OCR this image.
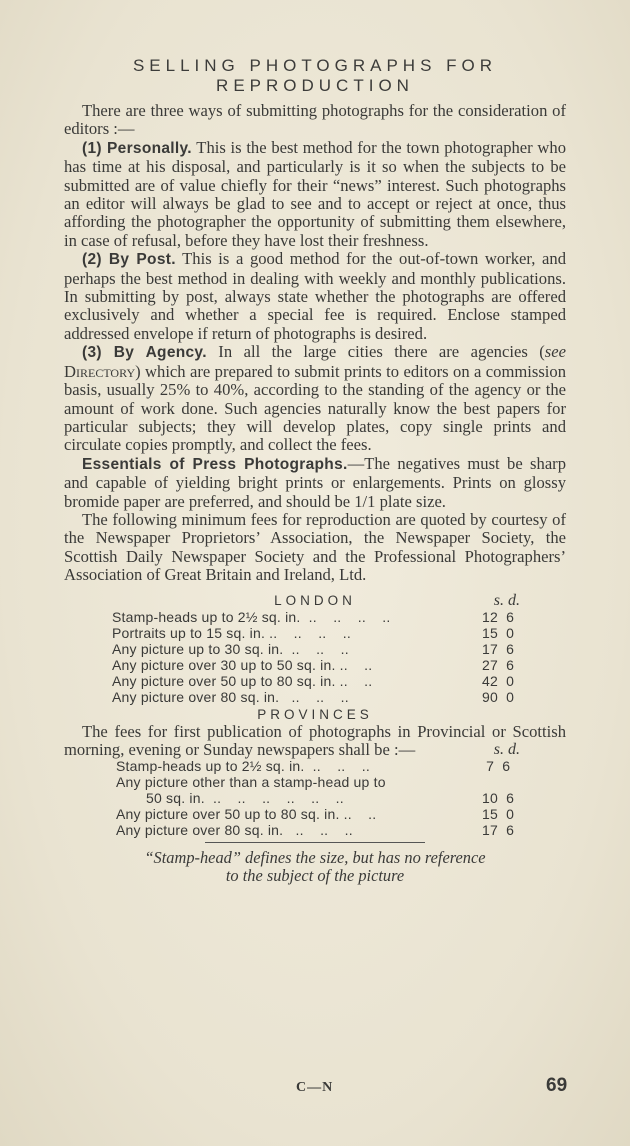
SELLING PHOTOGRAPHS FOR
REPRODUCTION

There are three ways of submitting photographs for the consideration of editors :—

(1) Personally. This is the best method for the town photographer who has time at his disposal, and particularly is it so when the subjects to be submitted are of value chiefly for their “news” interest. Such photographs an editor will always be glad to see and to accept or reject at once, thus affording the photographer the opportunity of submitting them elsewhere, in case of refusal, before they have lost their freshness.

(2) By Post. This is a good method for the out-of-town worker, and perhaps the best method in dealing with weekly and monthly publications. In submitting by post, always state whether the photographs are offered exclusively and whether a special fee is required. Enclose stamped addressed envelope if return of photographs is desired.

(3) By Agency. In all the large cities there are agencies (see Directory) which are prepared to submit prints to editors on a commission basis, usually 25% to 40%, according to the standing of the agency or the amount of work done. Such agencies naturally know the best papers for particular subjects; they will develop plates, copy single prints and circulate copies promptly, and collect the fees.

Essentials of Press Photographs.—The negatives must be sharp and capable of yielding bright prints or enlargements. Prints on glossy bromide paper are preferred, and should be 1/1 plate size.

The following minimum fees for reproduction are quoted by courtesy of the Newspaper Proprietors’ Association, the Newspaper Society, the Scottish Daily Newspaper Society and the Professional Photographers’ Association of Great Britain and Ireland, Ltd.

LONDON	s. d.
Stamp-heads up to 2½ sq. in.  ..    ..    ..    ..	12  6
Portraits up to 15 sq. in. ..    ..    ..    ..	15  0
Any picture up to 30 sq. in.  ..    ..    ..	17  6
Any picture over 30 up to 50 sq. in. ..    ..	27  6
Any picture over 50 up to 80 sq. in. ..    ..	42  0
Any picture over 80 sq. in.   ..    ..    ..	90  0
PROVINCES

The fees for first publication of photographs in Provincial or Scottish morning, evening or Sunday newspapers shall be :—	s. d.
Stamp-heads up to 2½ sq. in.  ..    ..    ..	7  6
Any picture other than a stamp-head up to
50 sq. in.  ..    ..    ..    ..    ..    ..	10  6
Any picture over 50 up to 80 sq. in. ..    ..	15  0
Any picture over 80 sq. in.   ..    ..    ..	17  6
“Stamp-head” defines the size, but has no reference
to the subject of the picture
C—N	69
